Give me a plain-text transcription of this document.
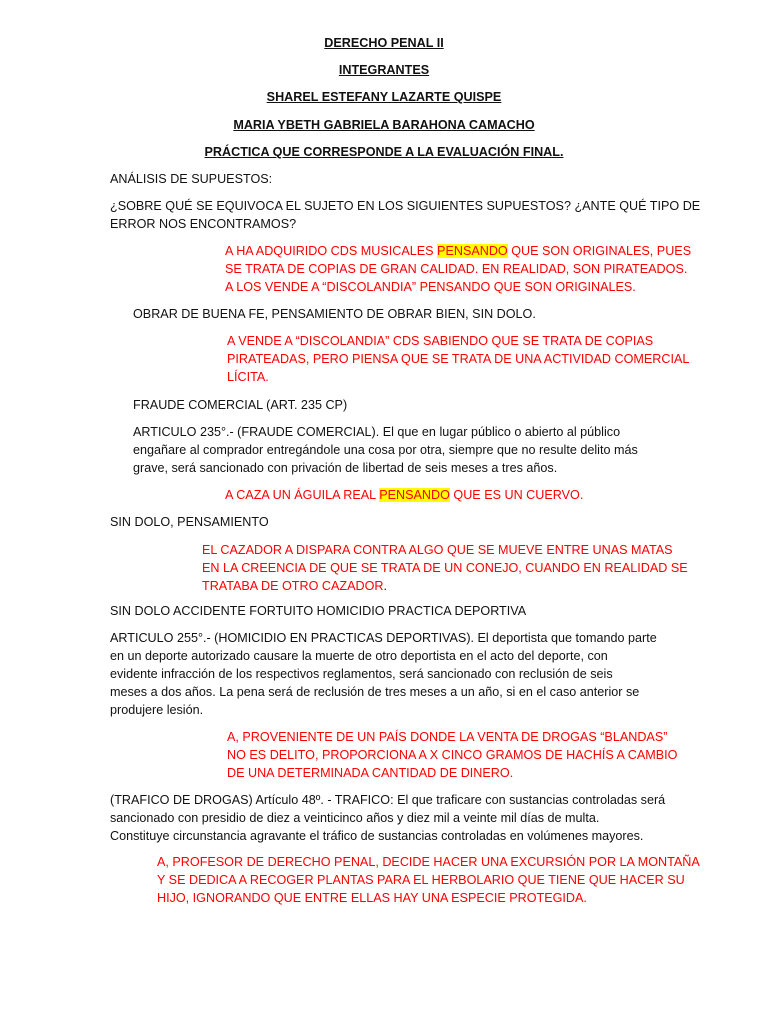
DERECHO PENAL II
INTEGRANTES
SHAREL ESTEFANY LAZARTE QUISPE
MARIA YBETH GABRIELA BARAHONA CAMACHO
PRÁCTICA QUE CORRESPONDE A LA EVALUACIÓN FINAL.
ANÁLISIS DE SUPUESTOS:
¿SOBRE QUÉ SE EQUIVOCA EL SUJETO EN LOS SIGUIENTES SUPUESTOS? ¿ANTE QUÉ TIPO DE
ERROR NOS ENCONTRAMOS?
A HA ADQUIRIDO CDS MUSICALES PENSANDO QUE SON ORIGINALES, PUES
SE TRATA DE COPIAS DE GRAN CALIDAD. EN REALIDAD, SON PIRATEADOS.
A LOS VENDE A “DISCOLANDIA” PENSANDO QUE SON ORIGINALES.
OBRAR DE BUENA FE, PENSAMIENTO DE OBRAR BIEN, SIN DOLO.
A VENDE A “DISCOLANDIA” CDS SABIENDO QUE SE TRATA DE COPIAS
PIRATEADAS, PERO PIENSA QUE SE TRATA DE UNA ACTIVIDAD COMERCIAL
LÍCITA.
FRAUDE COMERCIAL (ART. 235 CP)
ARTICULO 235°.- (FRAUDE COMERCIAL). El que en lugar público o abierto al público
engañare al comprador entregándole una cosa por otra, siempre que no resulte delito más
grave, será sancionado con privación de libertad de seis meses a tres años.
A CAZA UN ÁGUILA REAL PENSANDO QUE ES UN CUERVO.
SIN DOLO, PENSAMIENTO
EL CAZADOR A DISPARA CONTRA ALGO QUE SE MUEVE ENTRE UNAS MATAS
EN LA CREENCIA DE QUE SE TRATA DE UN CONEJO, CUANDO EN REALIDAD SE
TRATABA DE OTRO CAZADOR.
SIN DOLO ACCIDENTE FORTUITO HOMICIDIO PRACTICA DEPORTIVA
ARTICULO 255°.- (HOMICIDIO EN PRACTICAS DEPORTIVAS). El deportista que tomando parte
en un deporte autorizado causare la muerte de otro deportista en el acto del deporte, con
evidente infracción de los respectivos reglamentos, será sancionado con reclusión de seis
meses a dos años. La pena será de reclusión de tres meses a un año, si en el caso anterior se
produjere lesión.
A, PROVENIENTE DE UN PAÍS DONDE LA VENTA DE DROGAS “BLANDAS”
NO ES DELITO, PROPORCIONA A X CINCO GRAMOS DE HACHÍS A CAMBIO
DE UNA DETERMINADA CANTIDAD DE DINERO.
(TRAFICO DE DROGAS) Artículo 48º. - TRAFICO: El que traficare con sustancias controladas será
sancionado con presidio de diez a veinticinco años y diez mil a veinte mil días de multa.
Constituye circunstancia agravante el tráfico de sustancias controladas en volúmenes mayores.
A, PROFESOR DE DERECHO PENAL, DECIDE HACER UNA EXCURSIÓN POR LA MONTAÑA
Y SE DEDICA A RECOGER PLANTAS PARA EL HERBOLARIO QUE TIENE QUE HACER SU
HIJO, IGNORANDO QUE ENTRE ELLAS HAY UNA ESPECIE PROTEGIDA.
